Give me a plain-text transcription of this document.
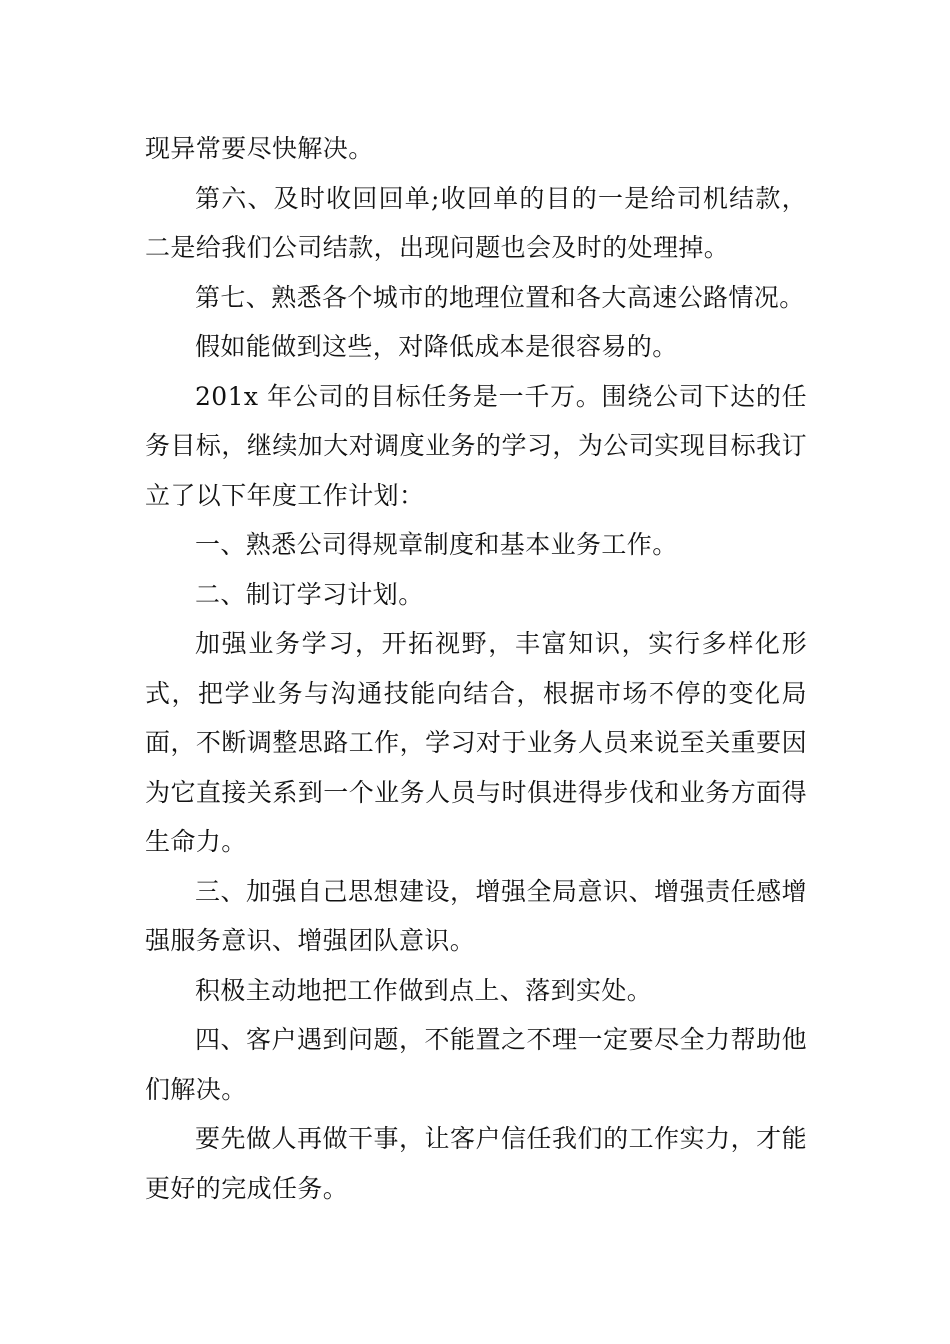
现异常要尽快解决。

第六、及时收回回单;收回单的目的一是给司机结款，二是给我们公司结款，出现问题也会及时的处理掉。

第七、熟悉各个城市的地理位置和各大高速公路情况。

假如能做到这些，对降低成本是很容易的。

201x 年公司的目标任务是一千万。围绕公司下达的任务目标，继续加大对调度业务的学习，为公司实现目标我订立了以下年度工作计划：

一、熟悉公司得规章制度和基本业务工作。

二、制订学习计划。

加强业务学习，开拓视野，丰富知识，实行多样化形式，把学业务与沟通技能向结合，根据市场不停的变化局面，不断调整思路工作，学习对于业务人员来说至关重要因为它直接关系到一个业务人员与时俱进得步伐和业务方面得生命力。

三、加强自己思想建设，增强全局意识、增强责任感增强服务意识、增强团队意识。

积极主动地把工作做到点上、落到实处。

四、客户遇到问题，不能置之不理一定要尽全力帮助他们解决。

要先做人再做干事，让客户信任我们的工作实力，才能更好的完成任务。
